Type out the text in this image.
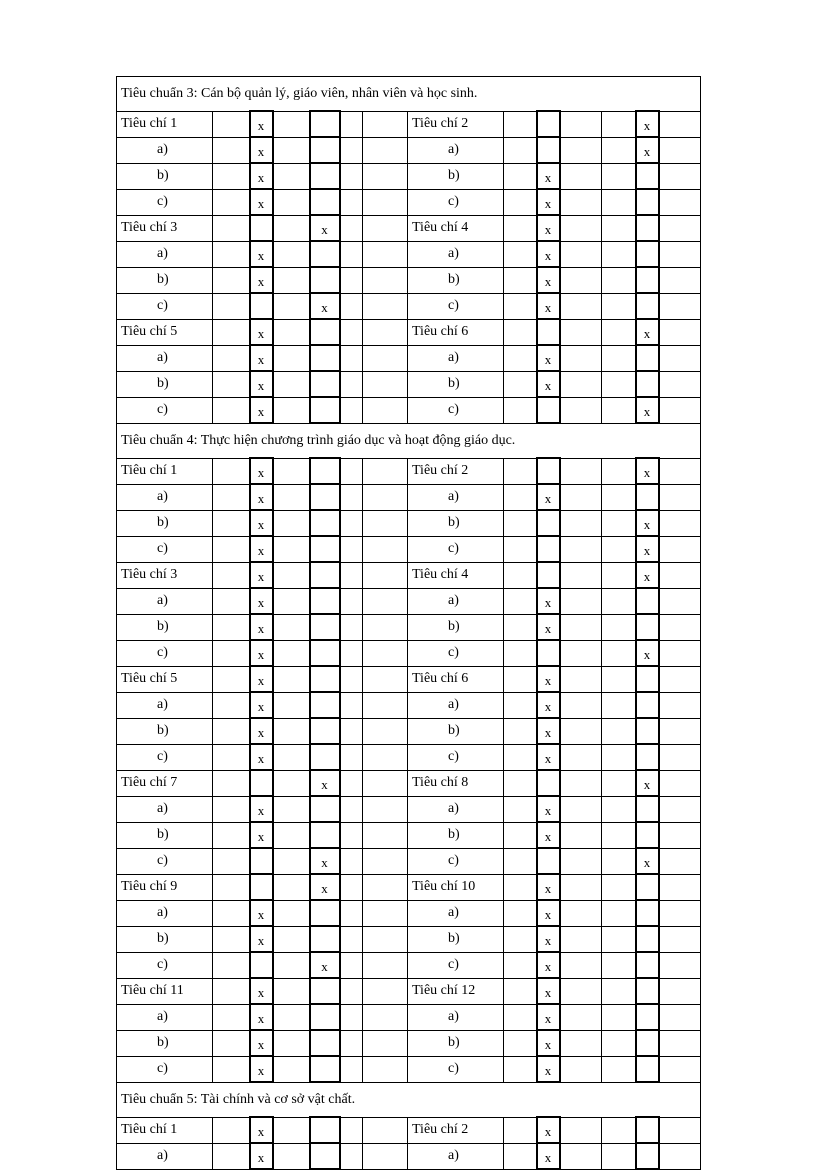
Tiêu chuẩn 3: Cán bộ quản lý, giáo viên, nhân viên và học sinh.													
Tiêu chí 1		x					Tiêu chí 2					x	
a)		x					a)					x	
b)		x					b)		x				
c)		x					c)		x				
Tiêu chí 3				x			Tiêu chí 4		x				
a)		x					a)		x				
b)		x					b)		x				
c)				x			c)		x				
Tiêu chí 5		x					Tiêu chí 6					x	
a)		x					a)		x				
b)		x					b)		x				
c)		x					c)					x	
Tiêu chuẩn 4: Thực hiện chương trình giáo dục và hoạt động giáo dục.													
Tiêu chí 1		x					Tiêu chí 2					x	
a)		x					a)		x				
b)		x					b)					x	
c)		x					c)					x	
Tiêu chí 3		x					Tiêu chí 4					x	
a)		x					a)		x				
b)		x					b)		x				
c)		x					c)					x	
Tiêu chí 5		x					Tiêu chí 6		x				
a)		x					a)		x				
b)		x					b)		x				
c)		x					c)		x				
Tiêu chí 7				x			Tiêu chí 8					x	
a)		x					a)		x				
b)		x					b)		x				
c)				x			c)					x	
Tiêu chí 9				x			Tiêu chí 10		x				
a)		x					a)		x				
b)		x					b)		x				
c)				x			c)		x				
Tiêu chí 11		x					Tiêu chí 12		x				
a)		x					a)		x				
b)		x					b)		x				
c)		x					c)		x				
Tiêu chuẩn 5: Tài chính và cơ sở vật chất.													
Tiêu chí 1		x					Tiêu chí 2		x				
a)		x					a)		x				
